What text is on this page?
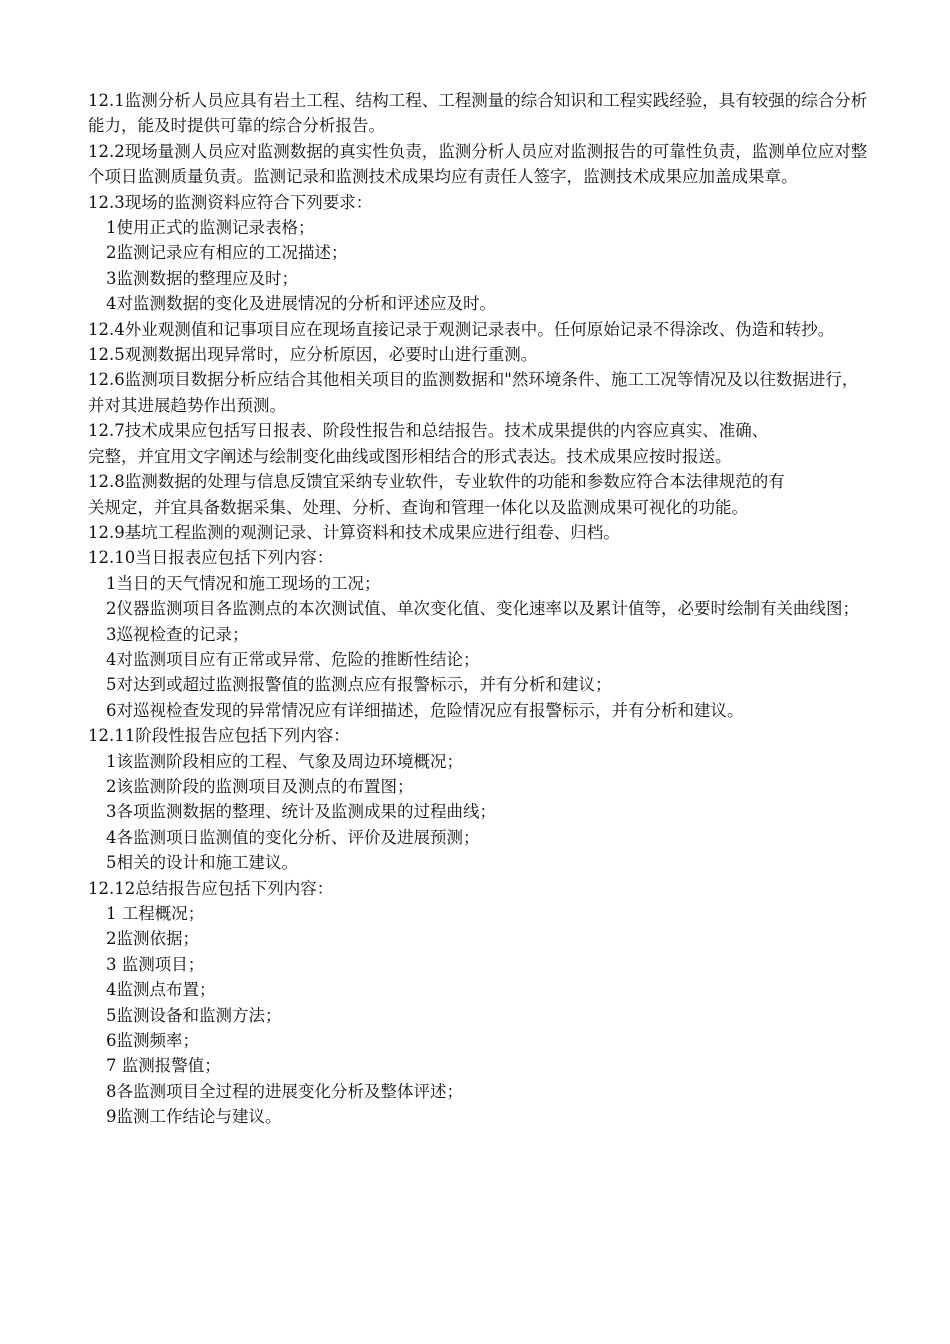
12.1监测分析人员应具有岩土工程、结构工程、工程测量的综合知识和工程实践经验，具有较强的综合分析能力，能及时提供可靠的综合分析报告。

12.2现场量测人员应对监测数据的真实性负责，监测分析人员应对监测报告的可靠性负责，监测单位应对整个项日监测质量负责。监测记录和监测技术成果均应有责任人签字，监测技术成果应加盖成果章。

12.3现场的监测资料应符合下列要求：

1使用正式的监测记录表格；

2监测记录应有相应的工况描述；

3监测数据的整理应及时；

4对监测数据的变化及进展情况的分析和评述应及时。

12.4外业观测值和记事项目应在现场直接记录于观测记录表中。任何原始记录不得涂改、伪造和转抄。

12.5观测数据出现异常时，应分析原因，必要时山进行重测。

12.6监测项目数据分析应结合其他相关项目的监测数据和"然环境条件、施工工况等情况及以往数据进行，并对其进展趋势作出预测。

12.7技术成果应包括写日报表、阶段性报告和总结报告。技术成果提供的内容应真实、准确、

完整，并宜用文字阐述与绘制变化曲线或图形相结合的形式表达。技术成果应按时报送。

12.8监测数据的处理与信息反馈宜采纳专业软件，专业软件的功能和参数应符合本法律规范的有

关规定，并宜具备数据采集、处理、分析、查询和管理一体化以及监测成果可视化的功能。

12.9基坑工程监测的观测记录、计算资料和技术成果应进行组卷、归档。

12.10当日报表应包括下列内容：

1当日的天气情况和施工现场的工况；

2仪器监测项目各监测点的本次测试值、单次变化值、变化速率以及累计值等，必要时绘制有关曲线图；

3巡视检查的记录；

4对监测项目应有正常或异常、危险的推断性结论；

5对达到或超过监测报警值的监测点应有报警标示，并有分析和建议；

6对巡视检查发现的异常情况应有详细描述，危险情况应有报警标示，并有分析和建议。

12.11阶段性报告应包括下列内容：

1该监测阶段相应的工程、气象及周边环境概况；

2该监测阶段的监测项目及测点的布置图；

3各项监测数据的整理、统计及监测成果的过程曲线；

4各监测项日监测值的变化分析、评价及进展预测；

5相关的设计和施工建议。

12.12总结报告应包括下列内容：

1 工程概况；

2监测依据；

3 监测项目；

4监测点布置；

5监测设备和监测方法；

6监测频率；

7 监测报警值；

8各监测项目全过程的进展变化分析及整体评述；

9监测工作结论与建议。
